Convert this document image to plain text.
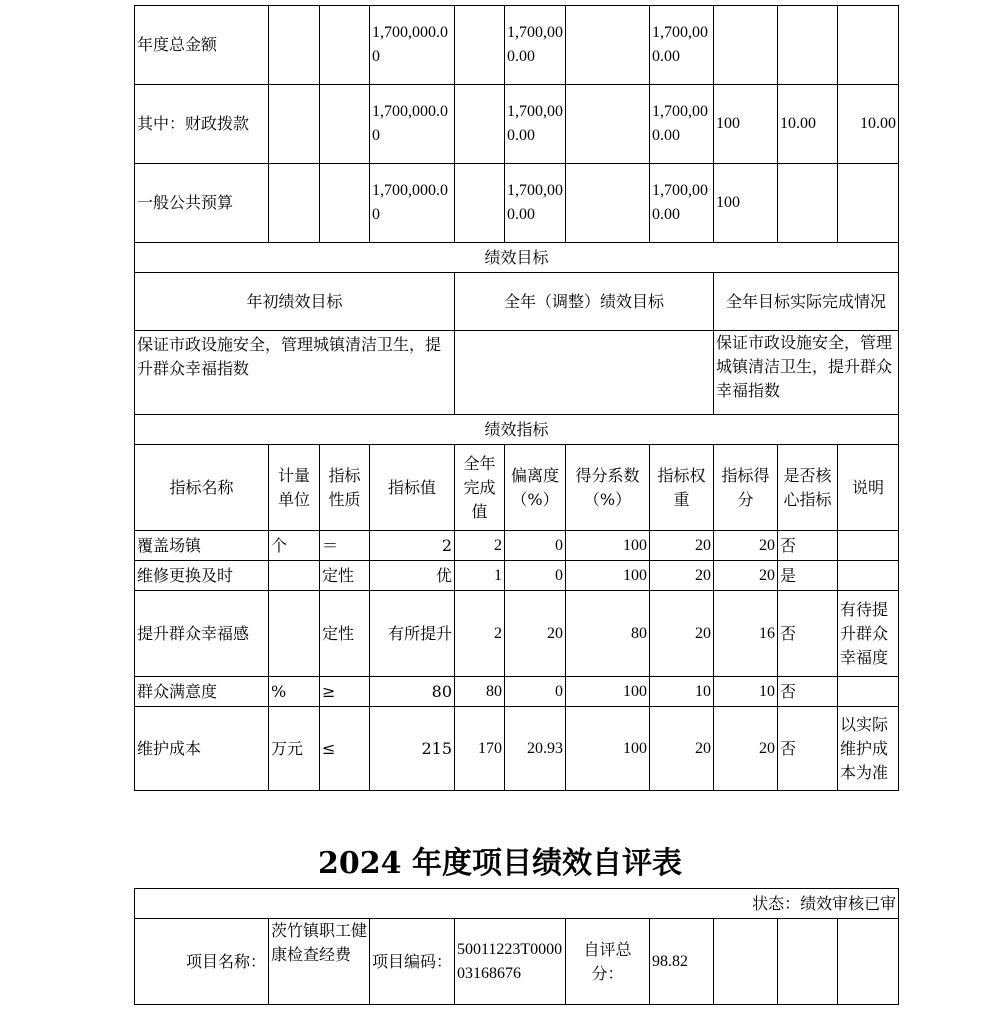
年度总金额			1,700,000.00		1,700,000.00		1,700,000.00			
其中：财政拨款			1,700,000.00		1,700,000.00		1,700,000.00	100	10.00	10.00
一般公共预算			1,700,000.00		1,700,000.00		1,700,000.00	100		
绩效目标										
年初绩效目标				全年（调整）绩效目标				全年目标实际完成情况		
保证市政设施安全，管理城镇清洁卫生，提升群众幸福指数								保证市政设施安全，管理城镇清洁卫生，提升群众幸福指数		
绩效指标										
指标名称	计量单位	指标性质	指标值	全年完成值	偏离度（%）	得分系数（%）	指标权重	指标得分	是否核心指标	说明
覆盖场镇	个	＝	2	2	0	100	20	20	否	
维修更换及时		定性	优	1	0	100	20	20	是	
提升群众幸福感		定性	有所提升	2	20	80	20	16	否	有待提升群众幸福度
群众满意度	%	≥	80	80	0	100	10	10	否	
维护成本	万元	≤	215	170	20.93	100	20	20	否	以实际维护成本为准
2024 年度项目绩效自评表
状态：绩效审核已审
项目名称：	茨竹镇职工健康检查经费	项目编码：	50011223T000003168676	自评总分：	98.82			
